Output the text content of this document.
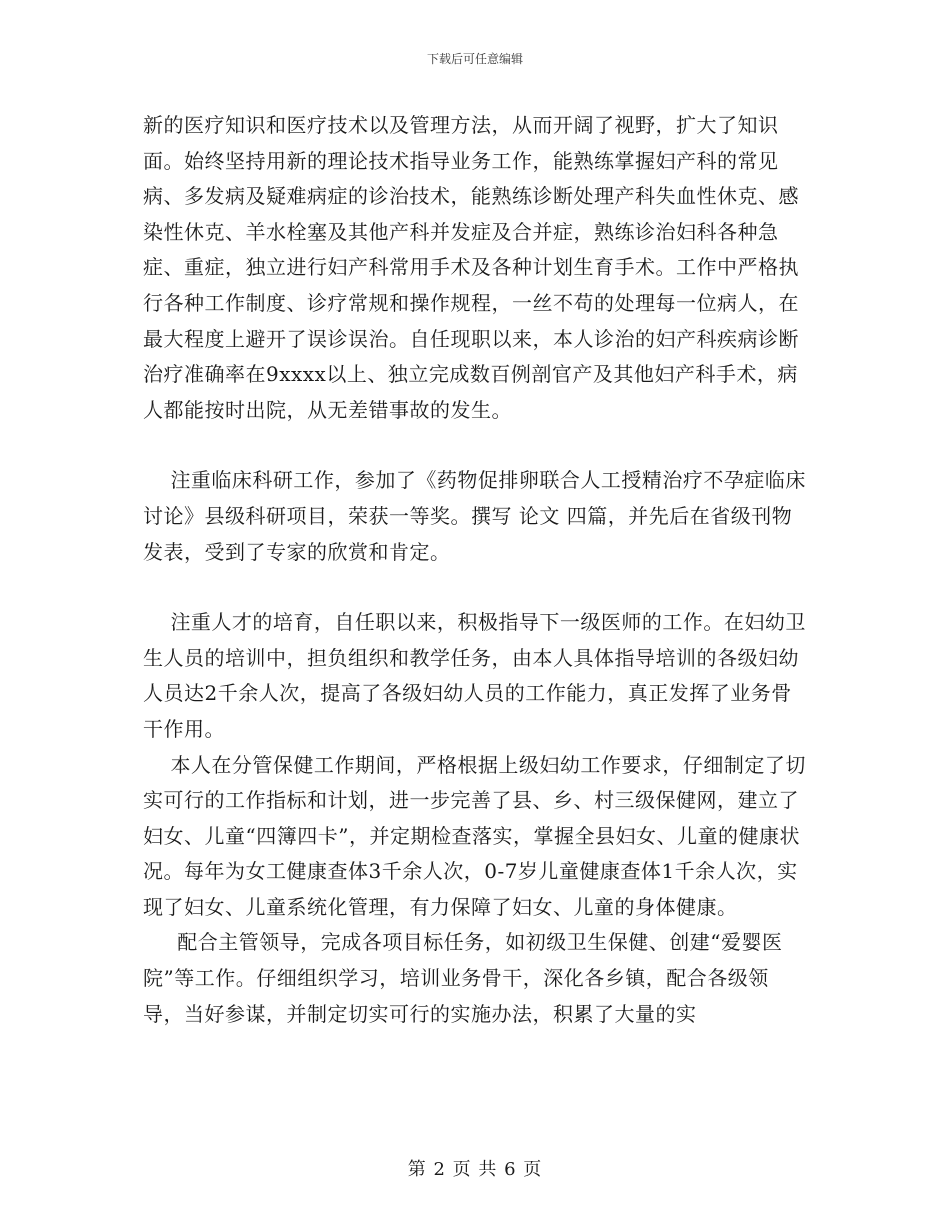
下载后可任意编辑

新的医疗知识和医疗技术以及管理方法，从而开阔了视野，扩大了知识面。始终坚持用新的理论技术指导业务工作，能熟练掌握妇产科的常见病、多发病及疑难病症的诊治技术，能熟练诊断处理产科失血性休克、感染性休克、羊水栓塞及其他产科并发症及合并症，熟练诊治妇科各种急症、重症，独立进行妇产科常用手术及各种计划生育手术。工作中严格执行各种工作制度、诊疗常规和操作规程，一丝不苟的处理每一位病人，在最大程度上避开了误诊误治。自任现职以来，本人诊治的妇产科疾病诊断治疗准确率在9xxxx以上、独立完成数百例剖官产及其他妇产科手术，病人都能按时出院，从无差错事故的发生。

注重临床科研工作，参加了《药物促排卵联合人工授精治疗不孕症临床讨论》县级科研项目，荣获一等奖。撰写 论文 四篇，并先后在省级刊物发表，受到了专家的欣赏和肯定。

注重人才的培育，自任职以来，积极指导下一级医师的工作。在妇幼卫生人员的培训中，担负组织和教学任务，由本人具体指导培训的各级妇幼人员达2千余人次，提高了各级妇幼人员的工作能力，真正发挥了业务骨干作用。

本人在分管保健工作期间，严格根据上级妇幼工作要求，仔细制定了切实可行的工作指标和计划，进一步完善了县、乡、村三级保健网，建立了妇女、儿童“四簿四卡”，并定期检查落实，掌握全县妇女、儿童的健康状况。每年为女工健康查体3千余人次，0-7岁儿童健康查体1千余人次，实现了妇女、儿童系统化管理，有力保障了妇女、儿童的身体健康。

配合主管领导，完成各项目标任务，如初级卫生保健、创建“爱婴医院”等工作。仔细组织学习，培训业务骨干，深化各乡镇，配合各级领导，当好参谋，并制定切实可行的实施办法，积累了大量的实

第 2 页 共 6 页
